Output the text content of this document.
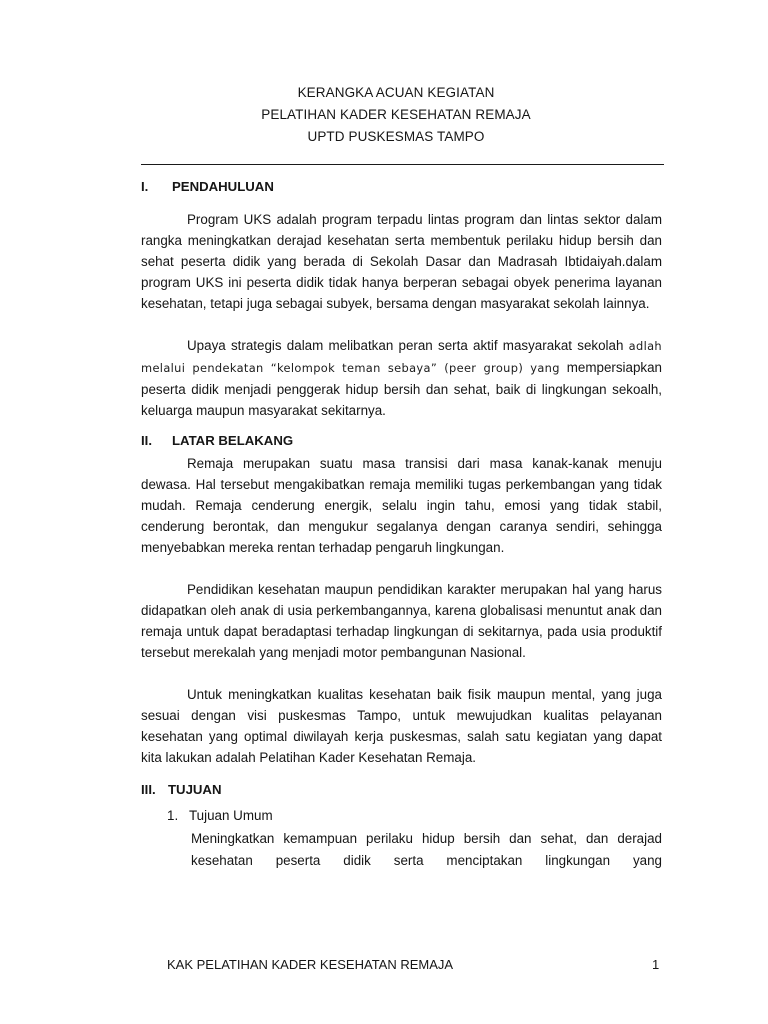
KERANGKA ACUAN KEGIATAN
PELATIHAN KADER KESEHATAN REMAJA
UPTD PUSKESMAS TAMPO
I. PENDAHULUAN
Program UKS adalah program terpadu lintas program dan lintas sektor dalam rangka meningkatkan derajad kesehatan serta membentuk perilaku hidup bersih dan sehat peserta didik yang berada di Sekolah Dasar dan Madrasah Ibtidaiyah.dalam program UKS ini peserta didik tidak hanya berperan sebagai obyek penerima layanan kesehatan, tetapi juga sebagai subyek, bersama dengan masyarakat sekolah lainnya.
Upaya strategis dalam melibatkan peran serta aktif masyarakat sekolah adlah melalui pendekatan “kelompok teman sebaya” (peer group) yang mempersiapkan peserta didik menjadi penggerak hidup bersih dan sehat, baik di lingkungan sekoalh, keluarga maupun masyarakat sekitarnya.
II. LATAR BELAKANG
Remaja merupakan suatu masa transisi dari masa kanak-kanak menuju dewasa. Hal tersebut mengakibatkan remaja memiliki tugas perkembangan yang tidak mudah. Remaja cenderung energik, selalu ingin tahu, emosi yang tidak stabil, cenderung berontak, dan mengukur segalanya dengan caranya sendiri, sehingga menyebabkan mereka rentan terhadap pengaruh lingkungan.
Pendidikan kesehatan maupun pendidikan karakter merupakan hal yang harus didapatkan oleh anak di usia perkembangannya, karena globalisasi menuntut anak dan remaja untuk dapat beradaptasi terhadap lingkungan di sekitarnya, pada usia produktif tersebut merekalah yang menjadi motor pembangunan Nasional.
Untuk meningkatkan kualitas kesehatan baik fisik maupun mental, yang juga sesuai dengan visi puskesmas Tampo, untuk mewujudkan kualitas pelayanan kesehatan yang optimal diwilayah kerja puskesmas, salah satu kegiatan yang dapat kita lakukan adalah Pelatihan Kader Kesehatan Remaja.
III. TUJUAN
1. Tujuan Umum
Meningkatkan kemampuan perilaku hidup bersih dan sehat, dan derajad kesehatan peserta didik serta menciptakan lingkungan yang
KAK PELATIHAN KADER KESEHATAN REMAJA	1
